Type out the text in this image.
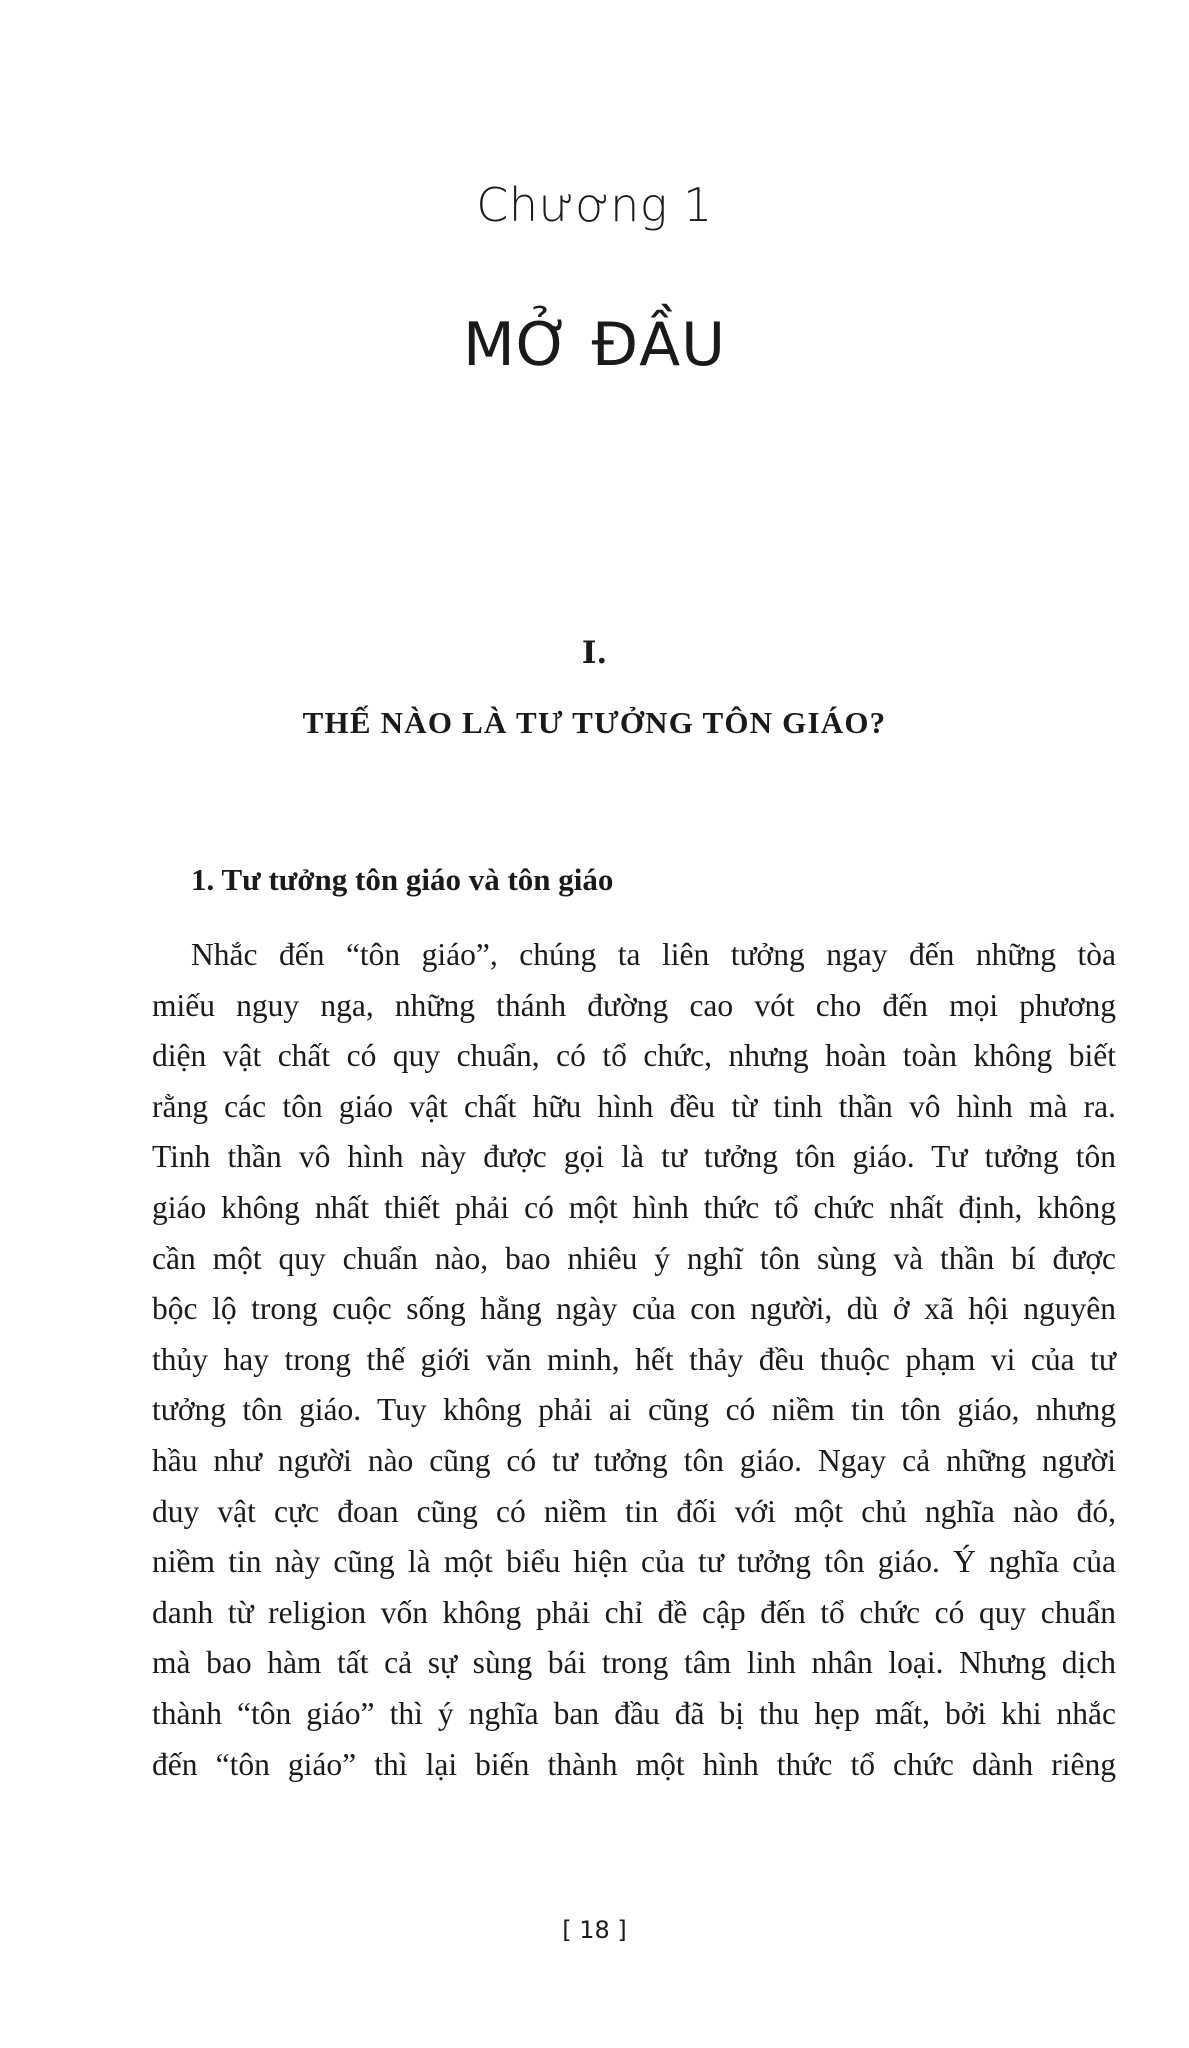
Chương 1
MỞ ĐẦU
I.
THẾ NÀO LÀ TƯ TƯỞNG TÔN GIÁO?
1. Tư tưởng tôn giáo và tôn giáo
Nhắc đến “tôn giáo”, chúng ta liên tưởng ngay đến những tòa
miếu nguy nga, những thánh đường cao vót cho đến mọi phương
diện vật chất có quy chuẩn, có tổ chức, nhưng hoàn toàn không biết
rằng các tôn giáo vật chất hữu hình đều từ tinh thần vô hình mà ra.
Tinh thần vô hình này được gọi là tư tưởng tôn giáo. Tư tưởng tôn
giáo không nhất thiết phải có một hình thức tổ chức nhất định, không
cần một quy chuẩn nào, bao nhiêu ý nghĩ tôn sùng và thần bí được
bộc lộ trong cuộc sống hằng ngày của con người, dù ở xã hội nguyên
thủy hay trong thế giới văn minh, hết thảy đều thuộc phạm vi của tư
tưởng tôn giáo. Tuy không phải ai cũng có niềm tin tôn giáo, nhưng
hầu như người nào cũng có tư tưởng tôn giáo. Ngay cả những người
duy vật cực đoan cũng có niềm tin đối với một chủ nghĩa nào đó,
niềm tin này cũng là một biểu hiện của tư tưởng tôn giáo. Ý nghĩa của
danh từ religion vốn không phải chỉ đề cập đến tổ chức có quy chuẩn
mà bao hàm tất cả sự sùng bái trong tâm linh nhân loại. Nhưng dịch
thành “tôn giáo” thì ý nghĩa ban đầu đã bị thu hẹp mất, bởi khi nhắc
đến “tôn giáo” thì lại biến thành một hình thức tổ chức dành riêng
[ 18 ]
